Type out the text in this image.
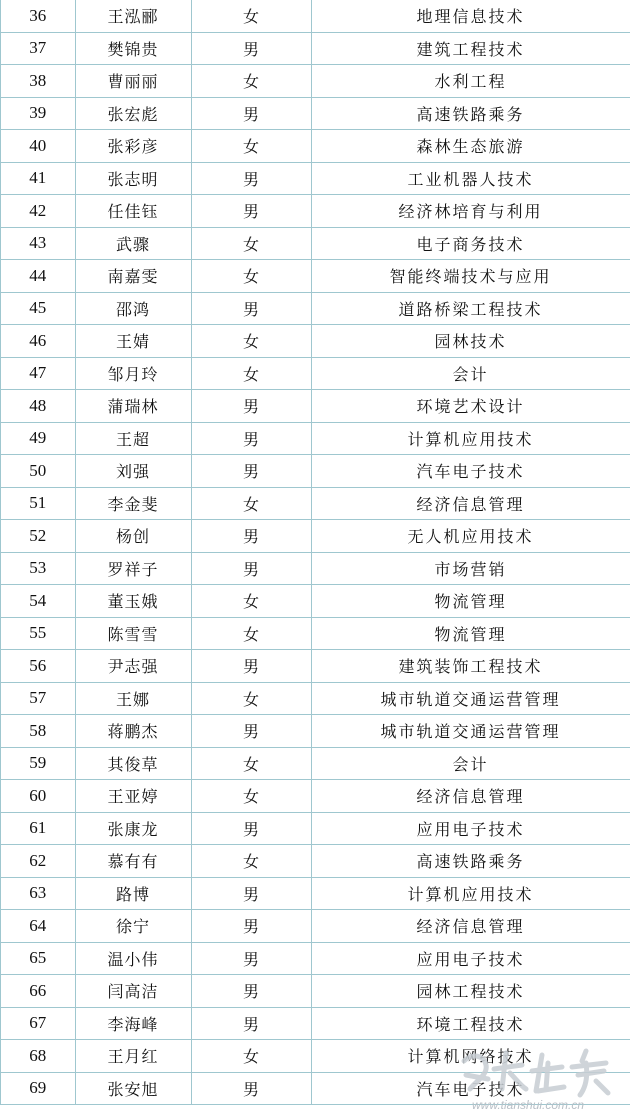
36	王泓郦	女	地理信息技术
37	樊锦贵	男	建筑工程技术
38	曹丽丽	女	水利工程
39	张宏彪	男	高速铁路乘务
40	张彩彦	女	森林生态旅游
41	张志明	男	工业机器人技术
42	任佳钰	男	经济林培育与利用
43	武骤	女	电子商务技术
44	南嘉雯	女	智能终端技术与应用
45	邵鸿	男	道路桥梁工程技术
46	王婧	女	园林技术
47	邹月玲	女	会计
48	蒲瑞林	男	环境艺术设计
49	王超	男	计算机应用技术
50	刘强	男	汽车电子技术
51	李金斐	女	经济信息管理
52	杨创	男	无人机应用技术
53	罗祥子	男	市场营销
54	董玉娥	女	物流管理
55	陈雪雪	女	物流管理
56	尹志强	男	建筑装饰工程技术
57	王娜	女	城市轨道交通运营管理
58	蒋鹏杰	男	城市轨道交通运营管理
59	其俊草	女	会计
60	王亚婷	女	经济信息管理
61	张康龙	男	应用电子技术
62	慕有有	女	高速铁路乘务
63	路博	男	计算机应用技术
64	徐宁	男	经济信息管理
65	温小伟	男	应用电子技术
66	闫高洁	男	园林工程技术
67	李海峰	男	环境工程技术
68	王月红	女	计算机网络技术
69	张安旭	男	汽车电子技术
www.tianshui.com.cn
